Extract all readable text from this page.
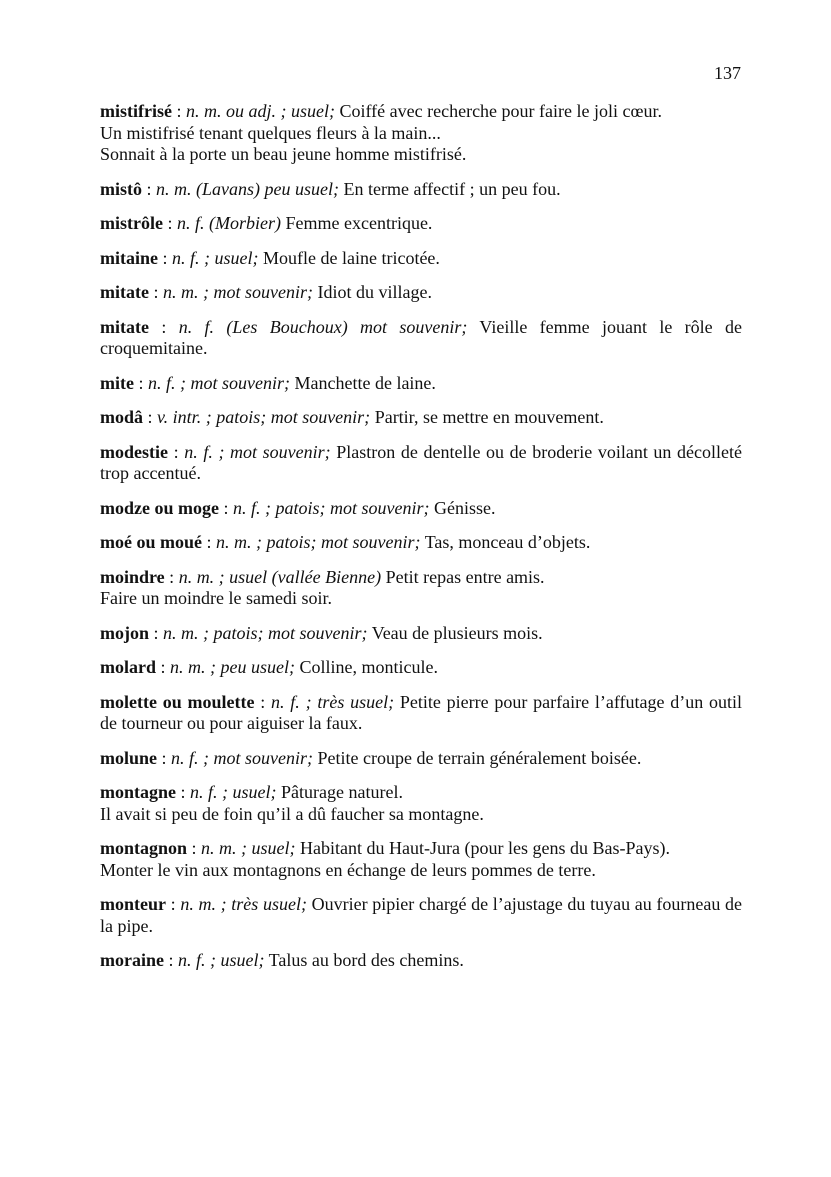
137

mistifrisé : n. m. ou adj. ; usuel; Coiffé avec recherche pour faire le joli cœur.
Un mistifrisé tenant quelques fleurs à la main...
Sonnait à la porte un beau jeune homme mistifrisé.

mistô : n. m. (Lavans) peu usuel; En terme affectif ; un peu fou.

mistrôle : n. f. (Morbier) Femme excentrique.

mitaine : n. f. ; usuel; Moufle de laine tricotée.

mitate : n. m. ; mot souvenir; Idiot du village.

mitate : n. f. (Les Bouchoux) mot souvenir; Vieille femme jouant le rôle de croquemitaine.

mite : n. f. ; mot souvenir; Manchette de laine.

modâ : v. intr. ; patois; mot souvenir; Partir, se mettre en mouvement.

modestie : n. f. ; mot souvenir; Plastron de dentelle ou de broderie voilant un décolleté trop accentué.

modze ou moge : n. f. ; patois; mot souvenir; Génisse.

moé ou moué : n. m. ; patois; mot souvenir; Tas, monceau d’objets.

moindre : n. m. ; usuel (vallée Bienne) Petit repas entre amis.
Faire un moindre le samedi soir.

mojon : n. m. ; patois; mot souvenir; Veau de plusieurs mois.

molard : n. m. ; peu usuel; Colline, monticule.

molette ou moulette : n. f. ; très usuel; Petite pierre pour parfaire l’affutage d’un outil de tourneur ou pour aiguiser la faux.

molune : n. f. ; mot souvenir; Petite croupe de terrain généralement boisée.

montagne : n. f. ; usuel; Pâturage naturel.
Il avait si peu de foin qu’il a dû faucher sa montagne.

montagnon : n. m. ; usuel; Habitant du Haut-Jura (pour les gens du Bas-Pays).
Monter le vin aux montagnons en échange de leurs pommes de terre.

monteur : n. m. ; très usuel; Ouvrier pipier chargé de l’ajustage du tuyau au fourneau de la pipe.

moraine : n. f. ; usuel; Talus au bord des chemins.
